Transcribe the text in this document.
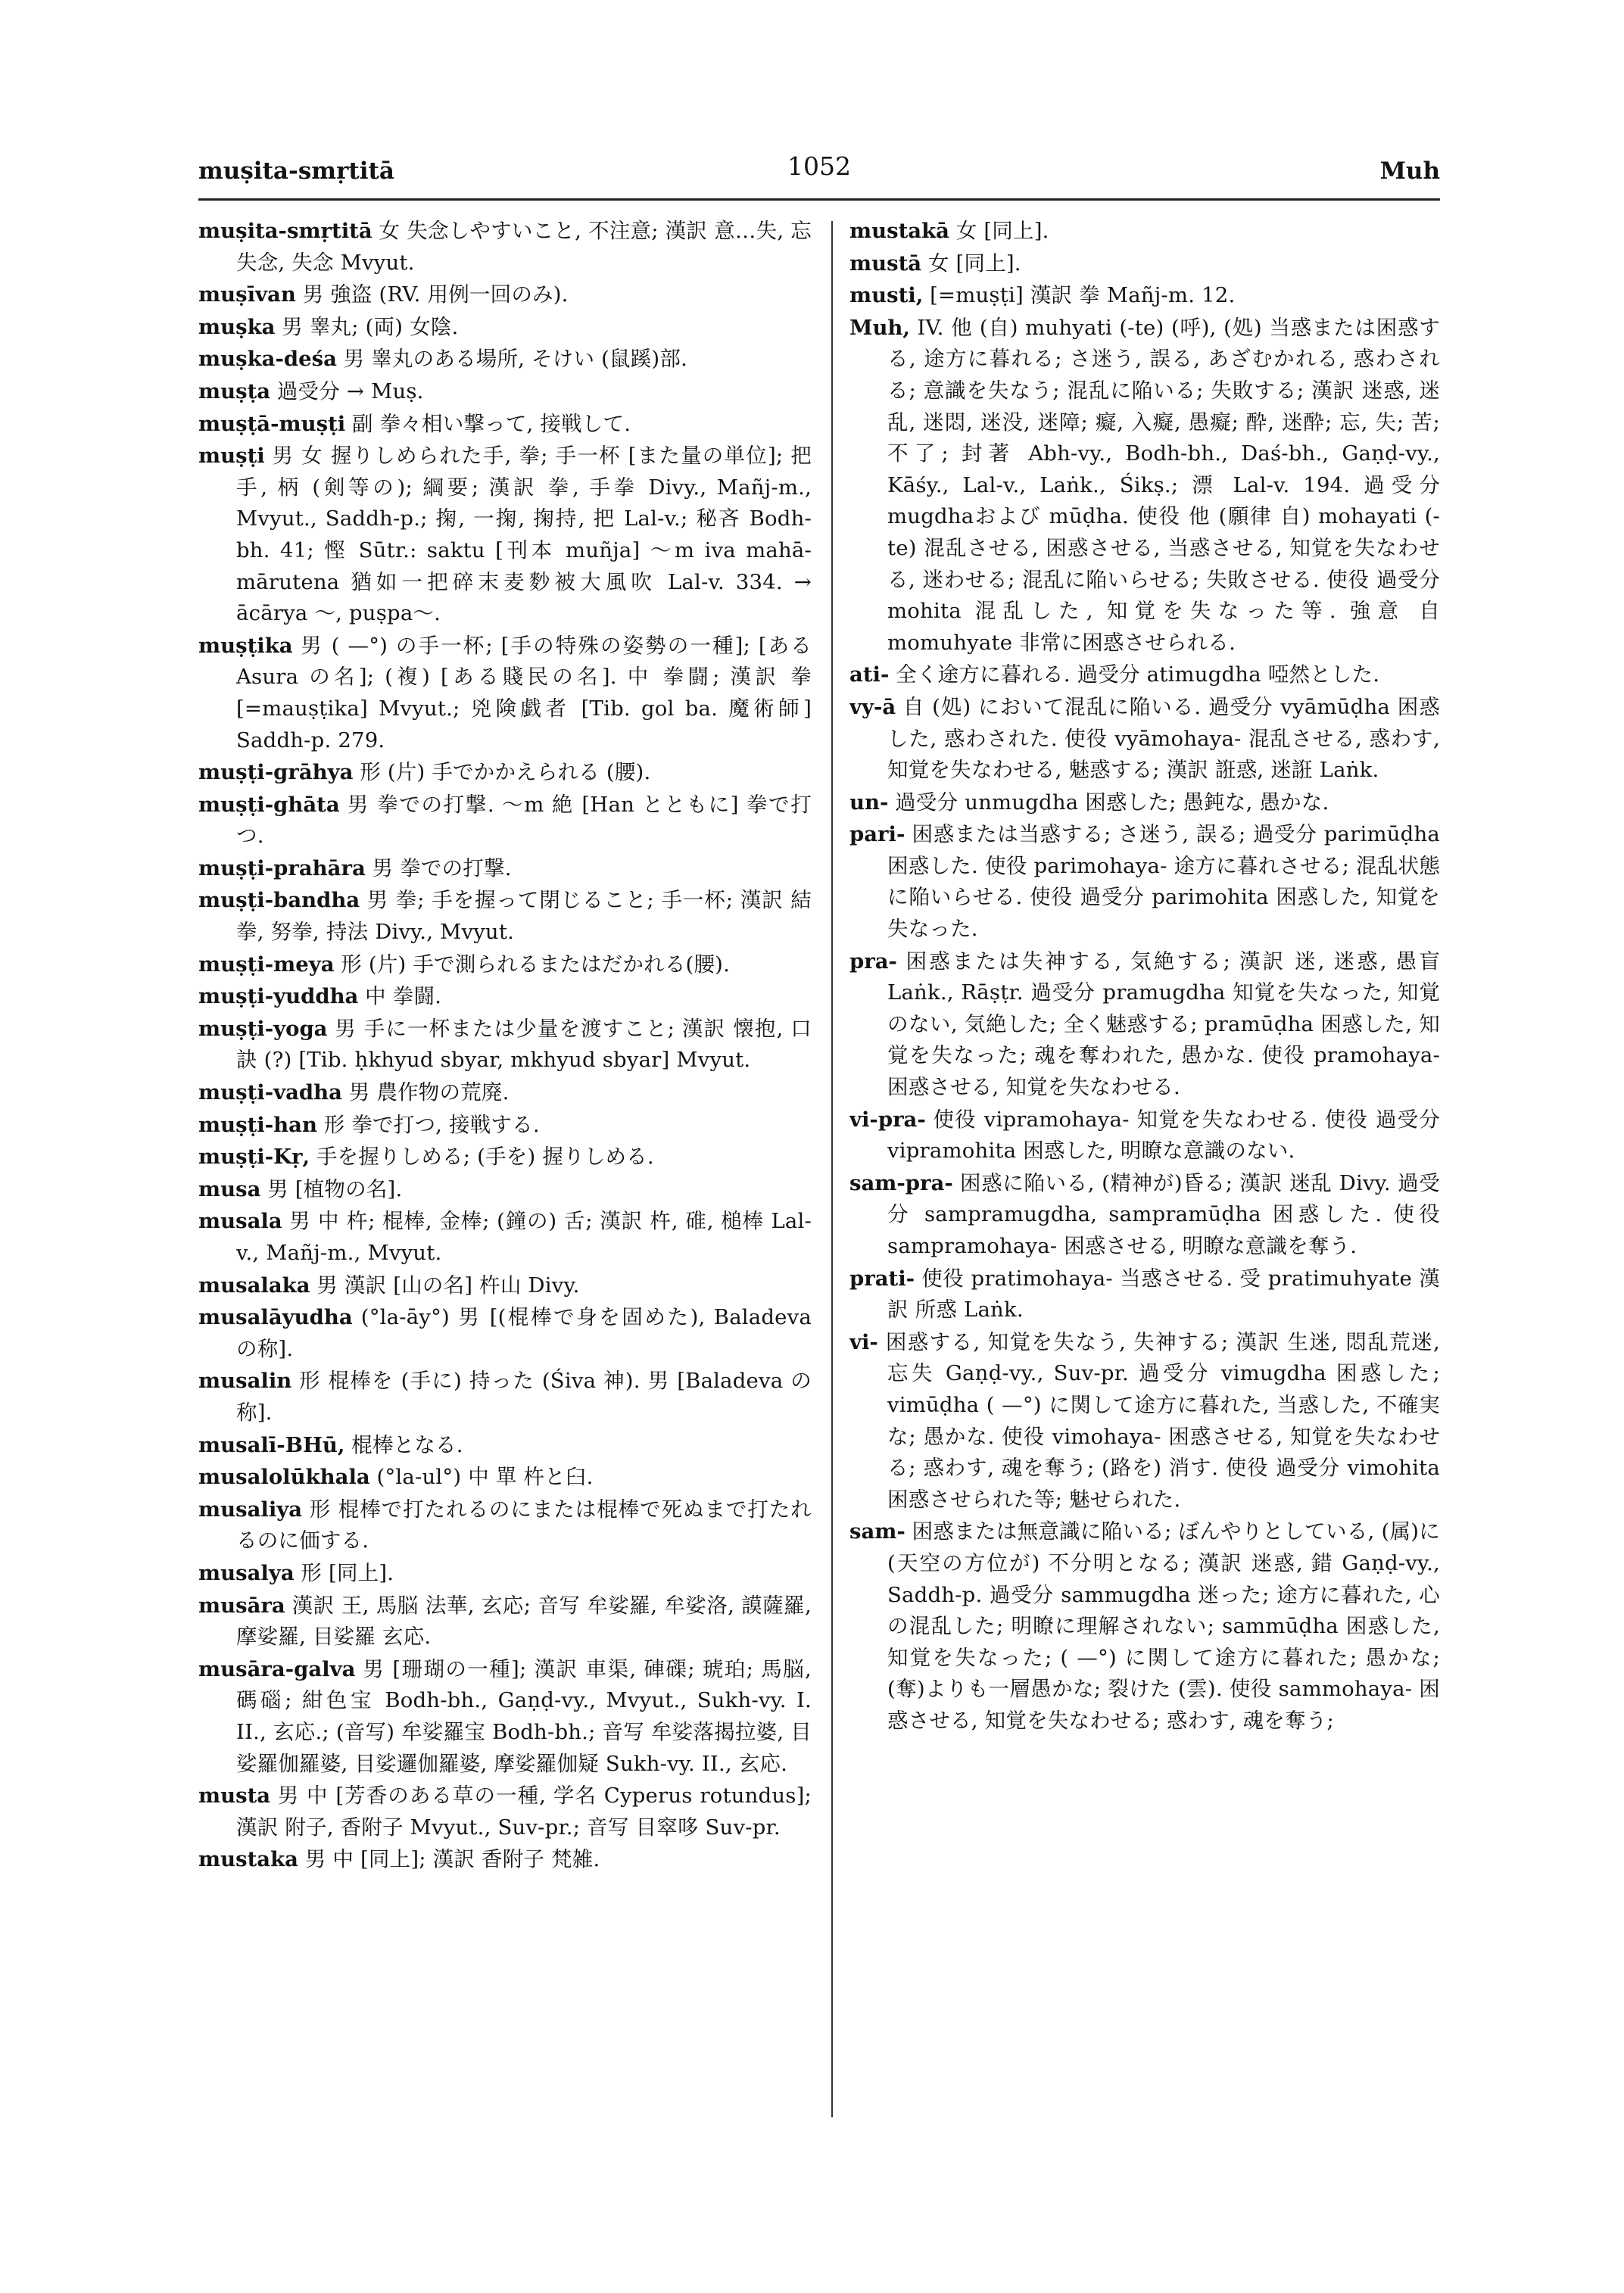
muṣita-smṛtitā	1052	Muh

muṣita-smṛtitā 女 失念しやすいこと, 不注意; 漢訳 意…失, 忘失念, 失念 Mvyut.

muṣīvan 男 強盗 (RV. 用例一回のみ).

muṣka 男 睾丸; (両) 女陰.

muṣka-deśa 男 睾丸のある場所, そけい (鼠蹊)部.

muṣṭa 過受分 → Muṣ.

muṣṭā-muṣṭi 副 拳々相い撃って, 接戦して.

muṣṭi 男 女 握りしめられた手, 拳; 手一杯 [また量の単位]; 把手, 柄 (剣等の); 綱要; 漢訳 拳, 手拳 Divy., Mañj-m., Mvyut., Saddh-p.; 掬, 一掬, 掬持, 把 Lal-v.; 秘吝 Bodh-bh. 41; 慳 Sūtr.: saktu [刊本 muñja] ～m iva mahā-mārutena 猶如一把碎末麦麨被大風吹 Lal-v. 334. → ācārya ～, puṣpa～.

muṣṭika 男 ( —°) の手一杯; [手の特殊の姿勢の一種]; [ある Asura の名]; (複) [ある賤民の名]. 中 拳闘; 漢訳 拳 [=mauṣṭika] Mvyut.; 兇険戯者 [Tib. gol ba. 魔術師] Saddh-p. 279.

muṣṭi-grāhya 形 (片) 手でかかえられる (腰).

muṣṭi-ghāta 男 拳での打撃. ～m 絶 [Han とともに] 拳で打つ.

muṣṭi-prahāra 男 拳での打撃.

muṣṭi-bandha 男 拳; 手を握って閉じること; 手一杯; 漢訳 結拳, 努拳, 持法 Divy., Mvyut.

muṣṭi-meya 形 (片) 手で測られるまたはだかれる(腰).

muṣṭi-yuddha 中 拳闘.

muṣṭi-yoga 男 手に一杯または少量を渡すこと; 漢訳 懐抱, 口訣 (?) [Tib. ḥkhyud sbyar, mkhyud sbyar] Mvyut.

muṣṭi-vadha 男 農作物の荒廃.

muṣṭi-han 形 拳で打つ, 接戦する.

muṣṭi-Kṛ, 手を握りしめる; (手を) 握りしめる.

musa 男 [植物の名].

musala 男 中 杵; 棍棒, 金棒; (鐘の) 舌; 漢訳 杵, 碓, 槌棒 Lal-v., Mañj-m., Mvyut.

musalaka 男 漢訳 [山の名] 杵山 Divy.

musalāyudha (°la-āy°) 男 [(棍棒で身を固めた), Baladeva の称].

musalin 形 棍棒を (手に) 持った (Śiva 神). 男 [Baladeva の称].

musalī-BHū, 棍棒となる.

musalolūkhala (°la-ul°) 中 單 杵と臼.

musaliya 形 棍棒で打たれるのにまたは棍棒で死ぬまで打たれるのに価する.

musalya 形 [同上].

musāra 漢訳 王, 馬脳 法華, 玄応; 音写 牟娑羅, 牟娑洛, 謨薩羅, 摩娑羅, 目娑羅 玄応.

musāra-galva 男 [珊瑚の一種]; 漢訳 車渠, 硨磲; 琥珀; 馬脳, 碼碯; 紺色宝 Bodh-bh., Gaṇḍ-vy., Mvyut., Sukh-vy. I. II., 玄応.; (音写) 牟娑羅宝 Bodh-bh.; 音写 牟娑落揭拉婆, 目娑羅伽羅婆, 目娑邏伽羅婆, 摩娑羅伽疑 Sukh-vy. II., 玄応.

musta 男 中 [芳香のある草の一種, 学名 Cyperus rotundus]; 漢訳 附子, 香附子 Mvyut., Suv-pr.; 音写 目窣哆 Suv-pr.

mustaka 男 中 [同上]; 漢訳 香附子 梵雑.

mustakā 女 [同上].

mustā 女 [同上].

musti, [=muṣṭi] 漢訳 拳 Mañj-m. 12.

Muh, IV. 他 (自) muhyati (-te) (呼), (処) 当惑または困惑する, 途方に暮れる; さ迷う, 誤る, あざむかれる, 惑わされる; 意識を失なう; 混乱に陥いる; 失敗する; 漢訳 迷惑, 迷乱, 迷悶, 迷没, 迷障; 癡, 入癡, 愚癡; 酔, 迷酔; 忘, 失; 苦; 不了; 封著 Abh-vy., Bodh-bh., Daś-bh., Gaṇḍ-vy., Kāśy., Lal-v., Laṅk., Śikṣ.; 漂 Lal-v. 194. 過受分 mugdhaおよび mūḍha. 使役 他 (願律 自) mohayati (-te) 混乱させる, 困惑させる, 当惑させる, 知覚を失なわせる, 迷わせる; 混乱に陥いらせる; 失敗させる. 使役 過受分 mohita 混乱した, 知覚を失なった等. 強意 自 momuhyate 非常に困惑させられる.

ati- 全く途方に暮れる. 過受分 atimugdha 啞然とした.

vy-ā 自 (処) において混乱に陥いる. 過受分 vyāmūḍha 困惑した, 惑わされた. 使役 vyāmohaya- 混乱させる, 惑わす, 知覚を失なわせる, 魅惑する; 漢訳 誑惑, 迷誑 Laṅk.

un- 過受分 unmugdha 困惑した; 愚鈍な, 愚かな.

pari- 困惑または当惑する; さ迷う, 誤る; 過受分 parimūḍha 困惑した. 使役 parimohaya- 途方に暮れさせる; 混乱状態に陥いらせる. 使役 過受分 parimohita 困惑した, 知覚を失なった.

pra- 困惑または失神する, 気絶する; 漢訳 迷, 迷惑, 愚盲 Laṅk., Rāṣṭr. 過受分 pramugdha 知覚を失なった, 知覚のない, 気絶した; 全く魅惑する; pramūḍha 困惑した, 知覚を失なった; 魂を奪われた, 愚かな. 使役 pramohaya- 困惑させる, 知覚を失なわせる.

vi-pra- 使役 vipramohaya- 知覚を失なわせる. 使役 過受分 vipramohita 困惑した, 明瞭な意識のない.

sam-pra- 困惑に陥いる, (精神が)昏る; 漢訳 迷乱 Divy. 過受分 sampramugdha, sampramūḍha 困惑した. 使役 sampramohaya- 困惑させる, 明瞭な意識を奪う.

prati- 使役 pratimohaya- 当惑させる. 受 pratimuhyate 漢訳 所惑 Laṅk.

vi- 困惑する, 知覚を失なう, 失神する; 漢訳 生迷, 悶乱荒迷, 忘失 Gaṇḍ-vy., Suv-pr. 過受分 vimugdha 困惑した; vimūḍha ( —°) に関して途方に暮れた, 当惑した, 不確実な; 愚かな. 使役 vimohaya- 困惑させる, 知覚を失なわせる; 惑わす, 魂を奪う; (路を) 消す. 使役 過受分 vimohita 困惑させられた等; 魅せられた.

sam- 困惑または無意識に陥いる; ぼんやりとしている, (属)に(天空の方位が) 不分明となる; 漢訳 迷惑, 錯 Gaṇḍ-vy., Saddh-p. 過受分 sammugdha 迷った; 途方に暮れた, 心の混乱した; 明瞭に理解されない; sammūḍha 困惑した, 知覚を失なった; ( —°) に関して途方に暮れた; 愚かな; (奪)よりも一層愚かな; 裂けた (雲). 使役 sammohaya- 困惑させる, 知覚を失なわせる; 惑わす, 魂を奪う;
